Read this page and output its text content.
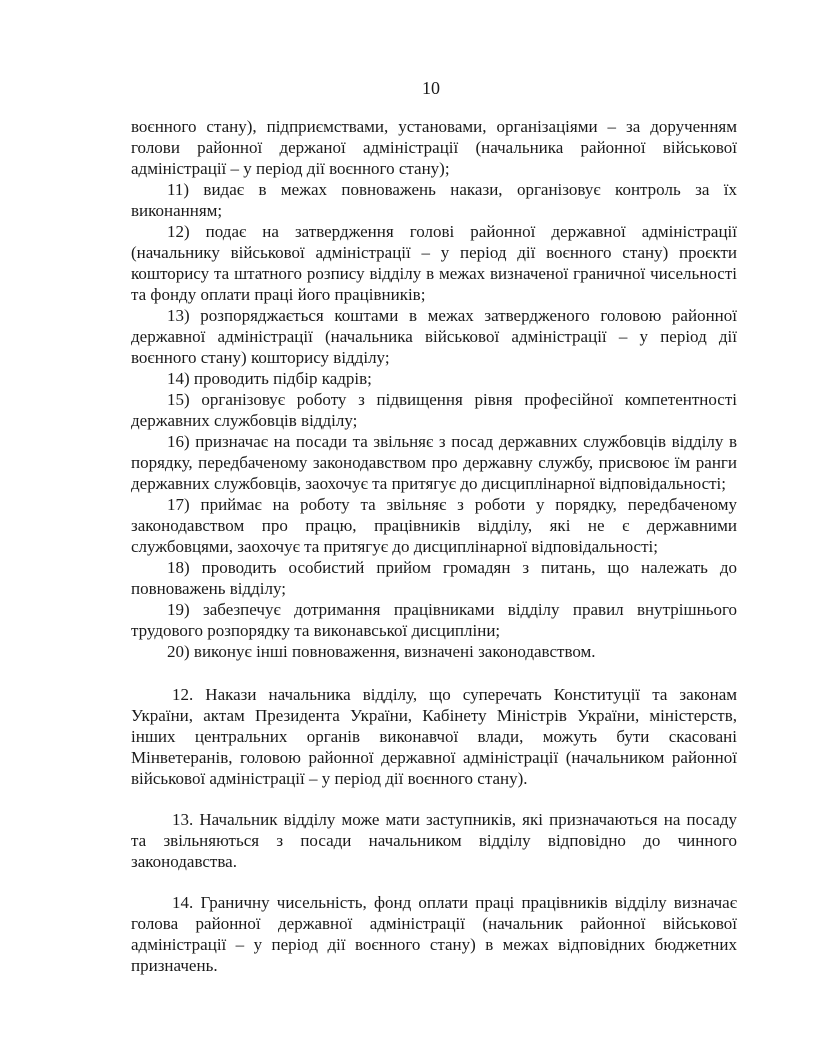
10

воєнного стану), підприємствами, установами, організаціями – за дорученням голови районної держаної адміністрації (начальника районної військової адміністрації – у період дії воєнного стану);

11) видає в межах повноважень накази, організовує контроль за їх виконанням;

12) подає на затвердження голові районної державної адміністрації (начальнику військової адміністрації – у період дії воєнного стану) проєкти кошторису та штатного розпису відділу в межах визначеної граничної чисельності та фонду оплати праці його працівників;

13) розпоряджається коштами в межах затвердженого головою районної державної адміністрації (начальника військової адміністрації – у період дії воєнного стану) кошторису відділу;

14) проводить підбір кадрів;

15) організовує роботу з підвищення рівня професійної компетентності державних службовців відділу;

16) призначає на посади та звільняє з посад державних службовців відділу в порядку, передбаченому законодавством про державну службу, присвоює їм ранги державних службовців, заохочує та притягує до дисциплінарної відповідальності;

17) приймає на роботу та звільняє з роботи у порядку, передбаченому законодавством про працю, працівників відділу, які не є державними службовцями, заохочує та притягує до дисциплінарної відповідальності;

18) проводить особистий прийом громадян з питань, що належать до повноважень відділу;

19) забезпечує дотримання працівниками відділу правил внутрішнього трудового розпорядку та виконавської дисципліни;

20) виконує інші повноваження, визначені законодавством.

12. Накази начальника відділу, що суперечать Конституції та законам України, актам Президента України, Кабінету Міністрів України, міністерств, інших центральних органів виконавчої влади, можуть бути скасовані Мінветеранів, головою районної державної адміністрації (начальником районної військової адміністрації – у період дії воєнного стану).

13. Начальник відділу може мати заступників, які призначаються на посаду та звільняються з посади начальником відділу відповідно до чинного законодавства.

14. Граничну чисельність, фонд оплати праці працівників відділу визначає голова районної державної адміністрації (начальник районної військової адміністрації – у період дії воєнного стану) в межах відповідних бюджетних призначень.
